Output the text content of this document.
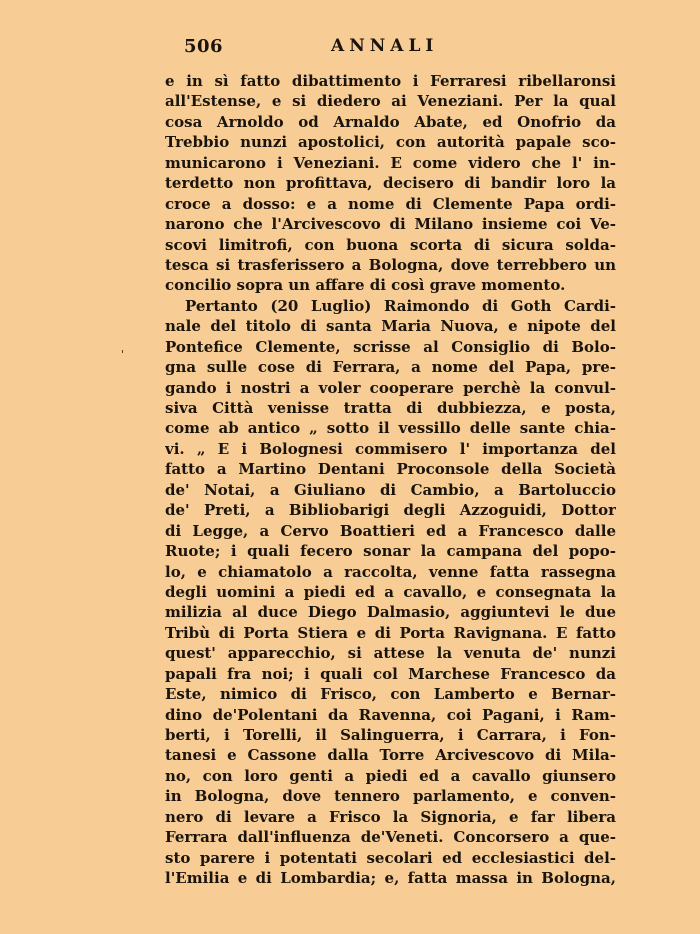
506	ANNALI
'
e in sì fatto dibattimento i Ferraresi ribellaronsi
all'Estense, e si diedero ai Veneziani. Per la qual
cosa Arnoldo od Arnaldo Abate, ed Onofrio da
Trebbio nunzi apostolici, con autorità papale sco-
municarono i Veneziani. E come videro che l' in-
terdetto non profittava, decisero di bandir loro la
croce a dosso: e a nome di Clemente Papa ordi-
narono che l'Arcivescovo di Milano insieme coi Ve-
scovi limitrofi, con buona scorta di sicura solda-
tesca si trasferissero a Bologna, dove terrebbero un
concilio sopra un affare di così grave momento.
Pertanto (20 Luglio) Raimondo di Goth Cardi-
nale del titolo di santa Maria Nuova, e nipote del
Pontefice Clemente, scrisse al Consiglio di Bolo-
gna sulle cose di Ferrara, a nome del Papa, pre-
gando i nostri a voler cooperare perchè la convul-
siva Città venisse tratta di dubbiezza, e posta,
come ab antico „ sotto il vessillo delle sante chia-
vi. „ E i Bolognesi commisero l' importanza del
fatto a Martino Dentani Proconsole della Società
de' Notai, a Giuliano di Cambio, a Bartoluccio
de' Preti, a Bibliobarigi degli Azzoguidi, Dottor
di Legge, a Cervo Boattieri ed a Francesco dalle
Ruote; i quali fecero sonar la campana del popo-
lo, e chiamatolo a raccolta, venne fatta rassegna
degli uomini a piedi ed a cavallo, e consegnata la
milizia al duce Diego Dalmasio, aggiuntevi le due
Tribù di Porta Stiera e di Porta Ravignana. E fatto
quest' apparecchio, si attese la venuta de' nunzi
papali fra noi; i quali col Marchese Francesco da
Este, nimico di Frisco, con Lamberto e Bernar-
dino de'Polentani da Ravenna, coi Pagani, i Ram-
berti, i Torelli, il Salinguerra, i Carrara, i Fon-
tanesi e Cassone dalla Torre Arcivescovo di Mila-
no, con loro genti a piedi ed a cavallo giunsero
in Bologna, dove tennero parlamento, e conven-
nero di levare a Frisco la Signoria, e far libera
Ferrara dall'influenza de'Veneti. Concorsero a que-
sto parere i potentati secolari ed ecclesiastici del-
l'Emilia e di Lombardia; e, fatta massa in Bologna,
